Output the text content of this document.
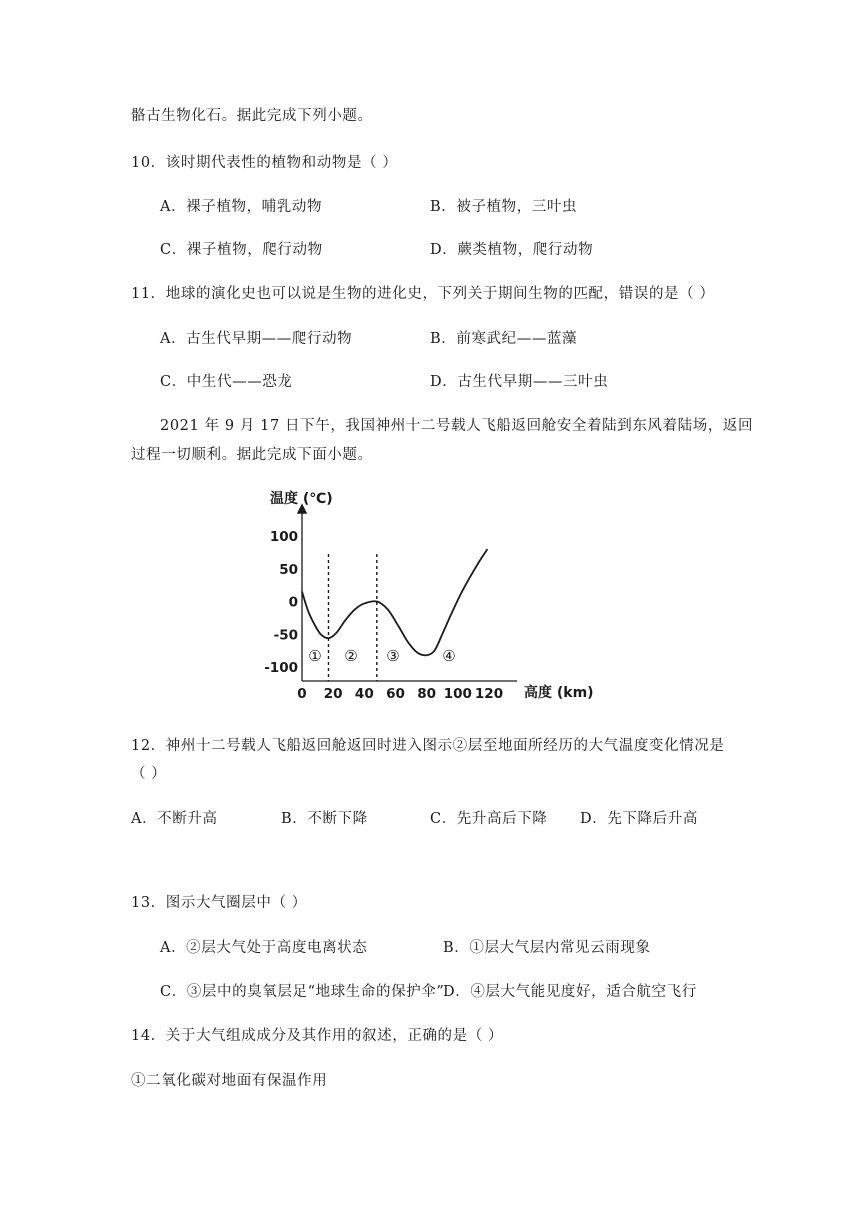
骼古生物化石。据此完成下列小题。
10．该时期代表性的植物和动物是（ ）
A．裸子植物，哺乳动物	B．被子植物，三叶虫
C．裸子植物，爬行动物	D．蕨类植物，爬行动物
11．地球的演化史也可以说是生物的进化史，下列关于期间生物的匹配，错误的是（ ）
A．古生代早期——爬行动物	B．前寒武纪——蓝藻
C．中生代——恐龙	D．古生代早期——三叶虫
2021 年 9 月 17 日下午，我国神州十二号载人飞船返回舱安全着陆到东风着陆场，返回
过程一切顺利。据此完成下面小题。
温度 (℃)
高度 (km)
0 20 40 60 80 100 120
100
50
0
-50
-100
① ② ③	④
12．神州十二号载人飞船返回舱返回时进入图示②层至地面所经历的大气温度变化情况是
（ ）
A．不断升高	B．不断下降	C．先升高后下降 D．先下降后升高
13．图示大气圈层中（ ）
A．②层大气处于高度电离状态	B．①层大气层内常见云雨现象
C．③层中的臭氧层足“地球生命的保护伞”
D．④层大气能见度好，适合航空飞行
14．关于大气组成成分及其作用的叙述，正确的是（ ）
①二氧化碳对地面有保温作用
